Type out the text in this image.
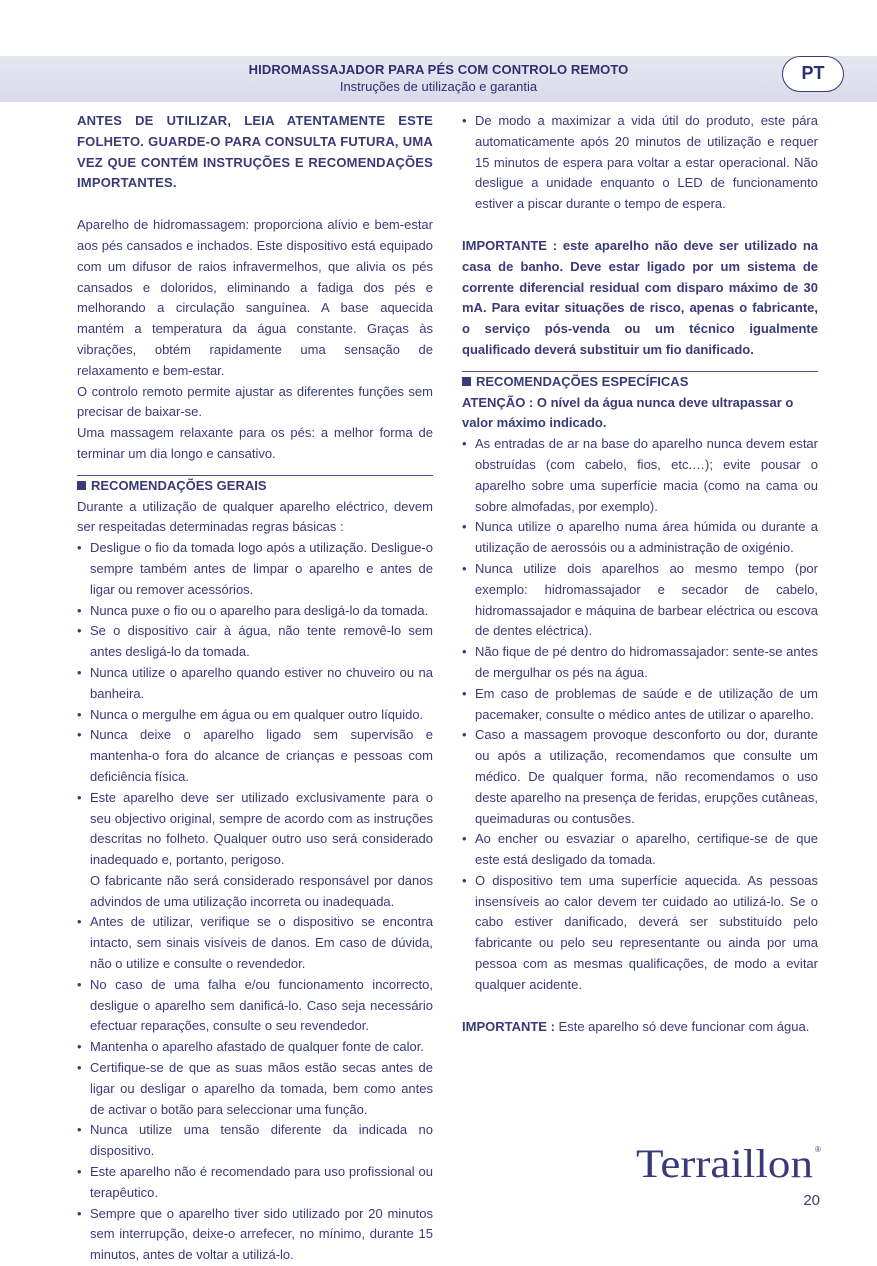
HIDROMASSAJADOR PARA PÉS COM CONTROLO REMOTO
Instruções de utilização e garantia
PT

ANTES DE UTILIZAR, LEIA ATENTAMENTE ESTE FOLHETO. GUARDE-O PARA CONSULTA FUTURA, UMA VEZ QUE CONTÉM INSTRUÇÕES E RECOMENDAÇÕES IMPORTANTES.

Aparelho de hidromassagem: proporciona alívio e bem-estar aos pés cansados e inchados. Este dispositivo está equipado com um difusor de raios infravermelhos, que alivia os pés cansados e doloridos, eliminando a fadiga dos pés e melhorando a circulação sanguínea. A base aquecida mantém a temperatura da água constante. Graças às vibrações, obtém rapidamente uma sensação de relaxamento e bem-estar.

O controlo remoto permite ajustar as diferentes funções sem precisar de baixar-se.

Uma massagem relaxante para os pés: a melhor forma de terminar um dia longo e cansativo.

RECOMENDAÇÕES GERAIS

Durante a utilização de qualquer aparelho eléctrico, devem ser respeitadas determinadas regras básicas :

• Desligue o fio da tomada logo após a utilização. Desligue-o sempre também antes de limpar o aparelho e antes de ligar ou remover acessórios.
• Nunca puxe o fio ou o aparelho para desligá-lo da tomada.
• Se o dispositivo cair à água, não tente removê-lo sem antes desligá-lo da tomada.
• Nunca utilize o aparelho quando estiver no chuveiro ou na banheira.
• Nunca o mergulhe em água ou em qualquer outro líquido.
• Nunca deixe o aparelho ligado sem supervisão e mantenha-o fora do alcance de crianças e pessoas com deficiência física.
• Este aparelho deve ser utilizado exclusivamente para o seu objectivo original, sempre de acordo com as instruções descritas no folheto. Qualquer outro uso será considerado inadequado e, portanto, perigoso.
O fabricante não será considerado responsável por danos advindos de uma utilização incorreta ou inadequada.
• Antes de utilizar, verifique se o dispositivo se encontra intacto, sem sinais visíveis de danos. Em caso de dúvida, não o utilize e consulte o revendedor.
• No caso de uma falha e/ou funcionamento incorrecto, desligue o aparelho sem danificá-lo. Caso seja necessário efectuar reparações, consulte o seu revendedor.
• Mantenha o aparelho afastado de qualquer fonte de calor.
• Certifique-se de que as suas mãos estão secas antes de ligar ou desligar o aparelho da tomada, bem como antes de activar o botão para seleccionar uma função.
• Nunca utilize uma tensão diferente da indicada no dispositivo.
• Este aparelho não é recomendado para uso profissional ou terapêutico.
• Sempre que o aparelho tiver sido utilizado por 20 minutos sem interrupção, deixe-o arrefecer, no mínimo, durante 15 minutos, antes de voltar a utilizá-lo.
• De modo a maximizar a vida útil do produto, este pára automaticamente após 20 minutos de utilização e requer 15 minutos de espera para voltar a estar operacional. Não desligue a unidade enquanto o LED de funcionamento estiver a piscar durante o tempo de espera.

IMPORTANTE : este aparelho não deve ser utilizado na casa de banho. Deve estar ligado por um sistema de corrente diferencial residual com disparo máximo de 30 mA. Para evitar situações de risco, apenas o fabricante, o serviço pós-venda ou um técnico igualmente qualificado deverá substituir um fio danificado.

RECOMENDAÇÕES ESPECÍFICAS

ATENÇÃO : O nível da água nunca deve ultrapassar o valor máximo indicado.

• As entradas de ar na base do aparelho nunca devem estar obstruídas (com cabelo, fios, etc.…); evite pousar o aparelho sobre uma superfície macia (como na cama ou sobre almofadas, por exemplo).
• Nunca utilize o aparelho numa área húmida ou durante a utilização de aerossóis ou a administração de oxigénio.
• Nunca utilize dois aparelhos ao mesmo tempo (por exemplo: hidromassajador e secador de cabelo, hidromassajador e máquina de barbear eléctrica ou escova de dentes eléctrica).
• Não fique de pé dentro do hidromassajador: sente-se antes de mergulhar os pés na água.
• Em caso de problemas de saúde e de utilização de um pacemaker, consulte o médico antes de utilizar o aparelho.
• Caso a massagem provoque desconforto ou dor, durante ou após a utilização, recomendamos que consulte um médico. De qualquer forma, não recomendamos o uso deste aparelho na presença de feridas, erupções cutâneas, queimaduras ou contusões.
• Ao encher ou esvaziar o aparelho, certifique-se de que este está desligado da tomada.
• O dispositivo tem uma superfície aquecida. As pessoas insensíveis ao calor devem ter cuidado ao utilizá-lo. Se o cabo estiver danificado, deverá ser substituído pelo fabricante ou pelo seu representante ou ainda por uma pessoa com as mesmas qualificações, de modo a evitar qualquer acidente.

IMPORTANTE : Este aparelho só deve funcionar com água.

Terraillon ®
20
